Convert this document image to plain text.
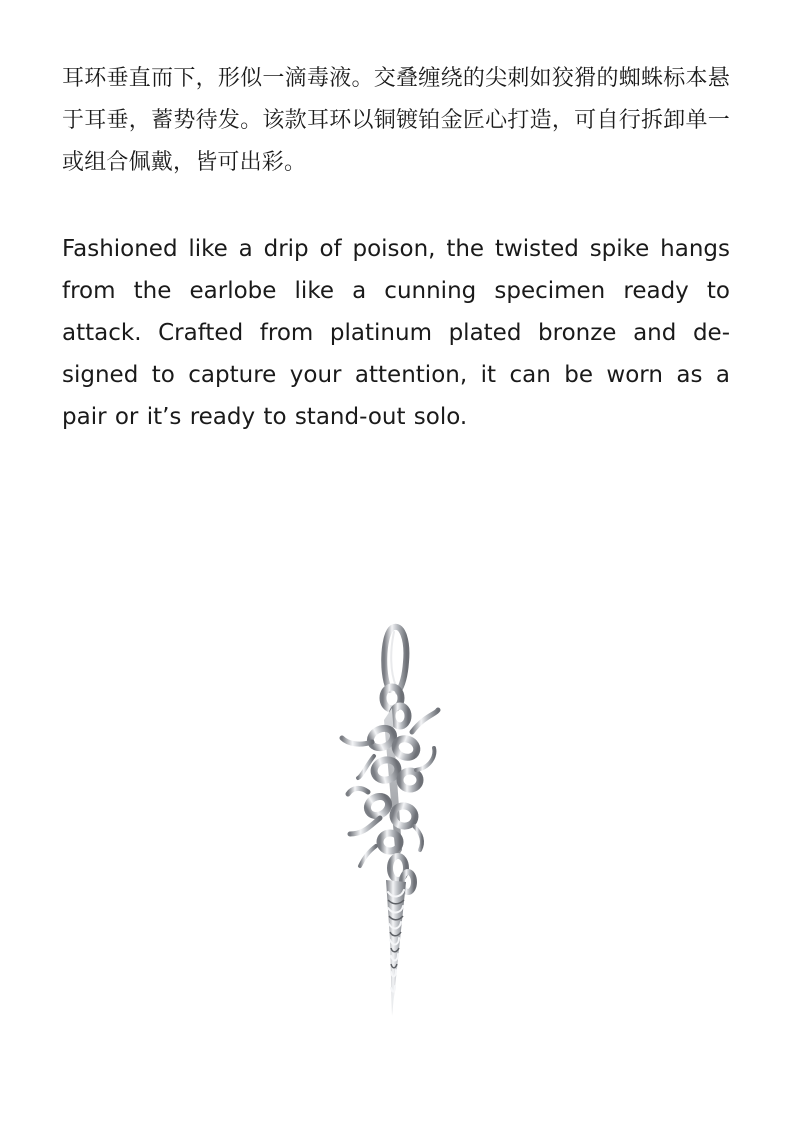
耳环垂直而下，形似一滴毒液。交叠缠绕的尖刺如狡猾的蜘蛛标本悬于耳垂，蓄势待发。该款耳环以铜镀铂金匠心打造，可自行拆卸单一或组合佩戴，皆可出彩。

Fashioned like a drip of poison, the twisted spike hangs from the earlobe like a cunning specimen ready to attack. Crafted from platinum plated bronze and de-signed to capture your attention, it can be worn as a pair or it’s ready to stand-out solo.
